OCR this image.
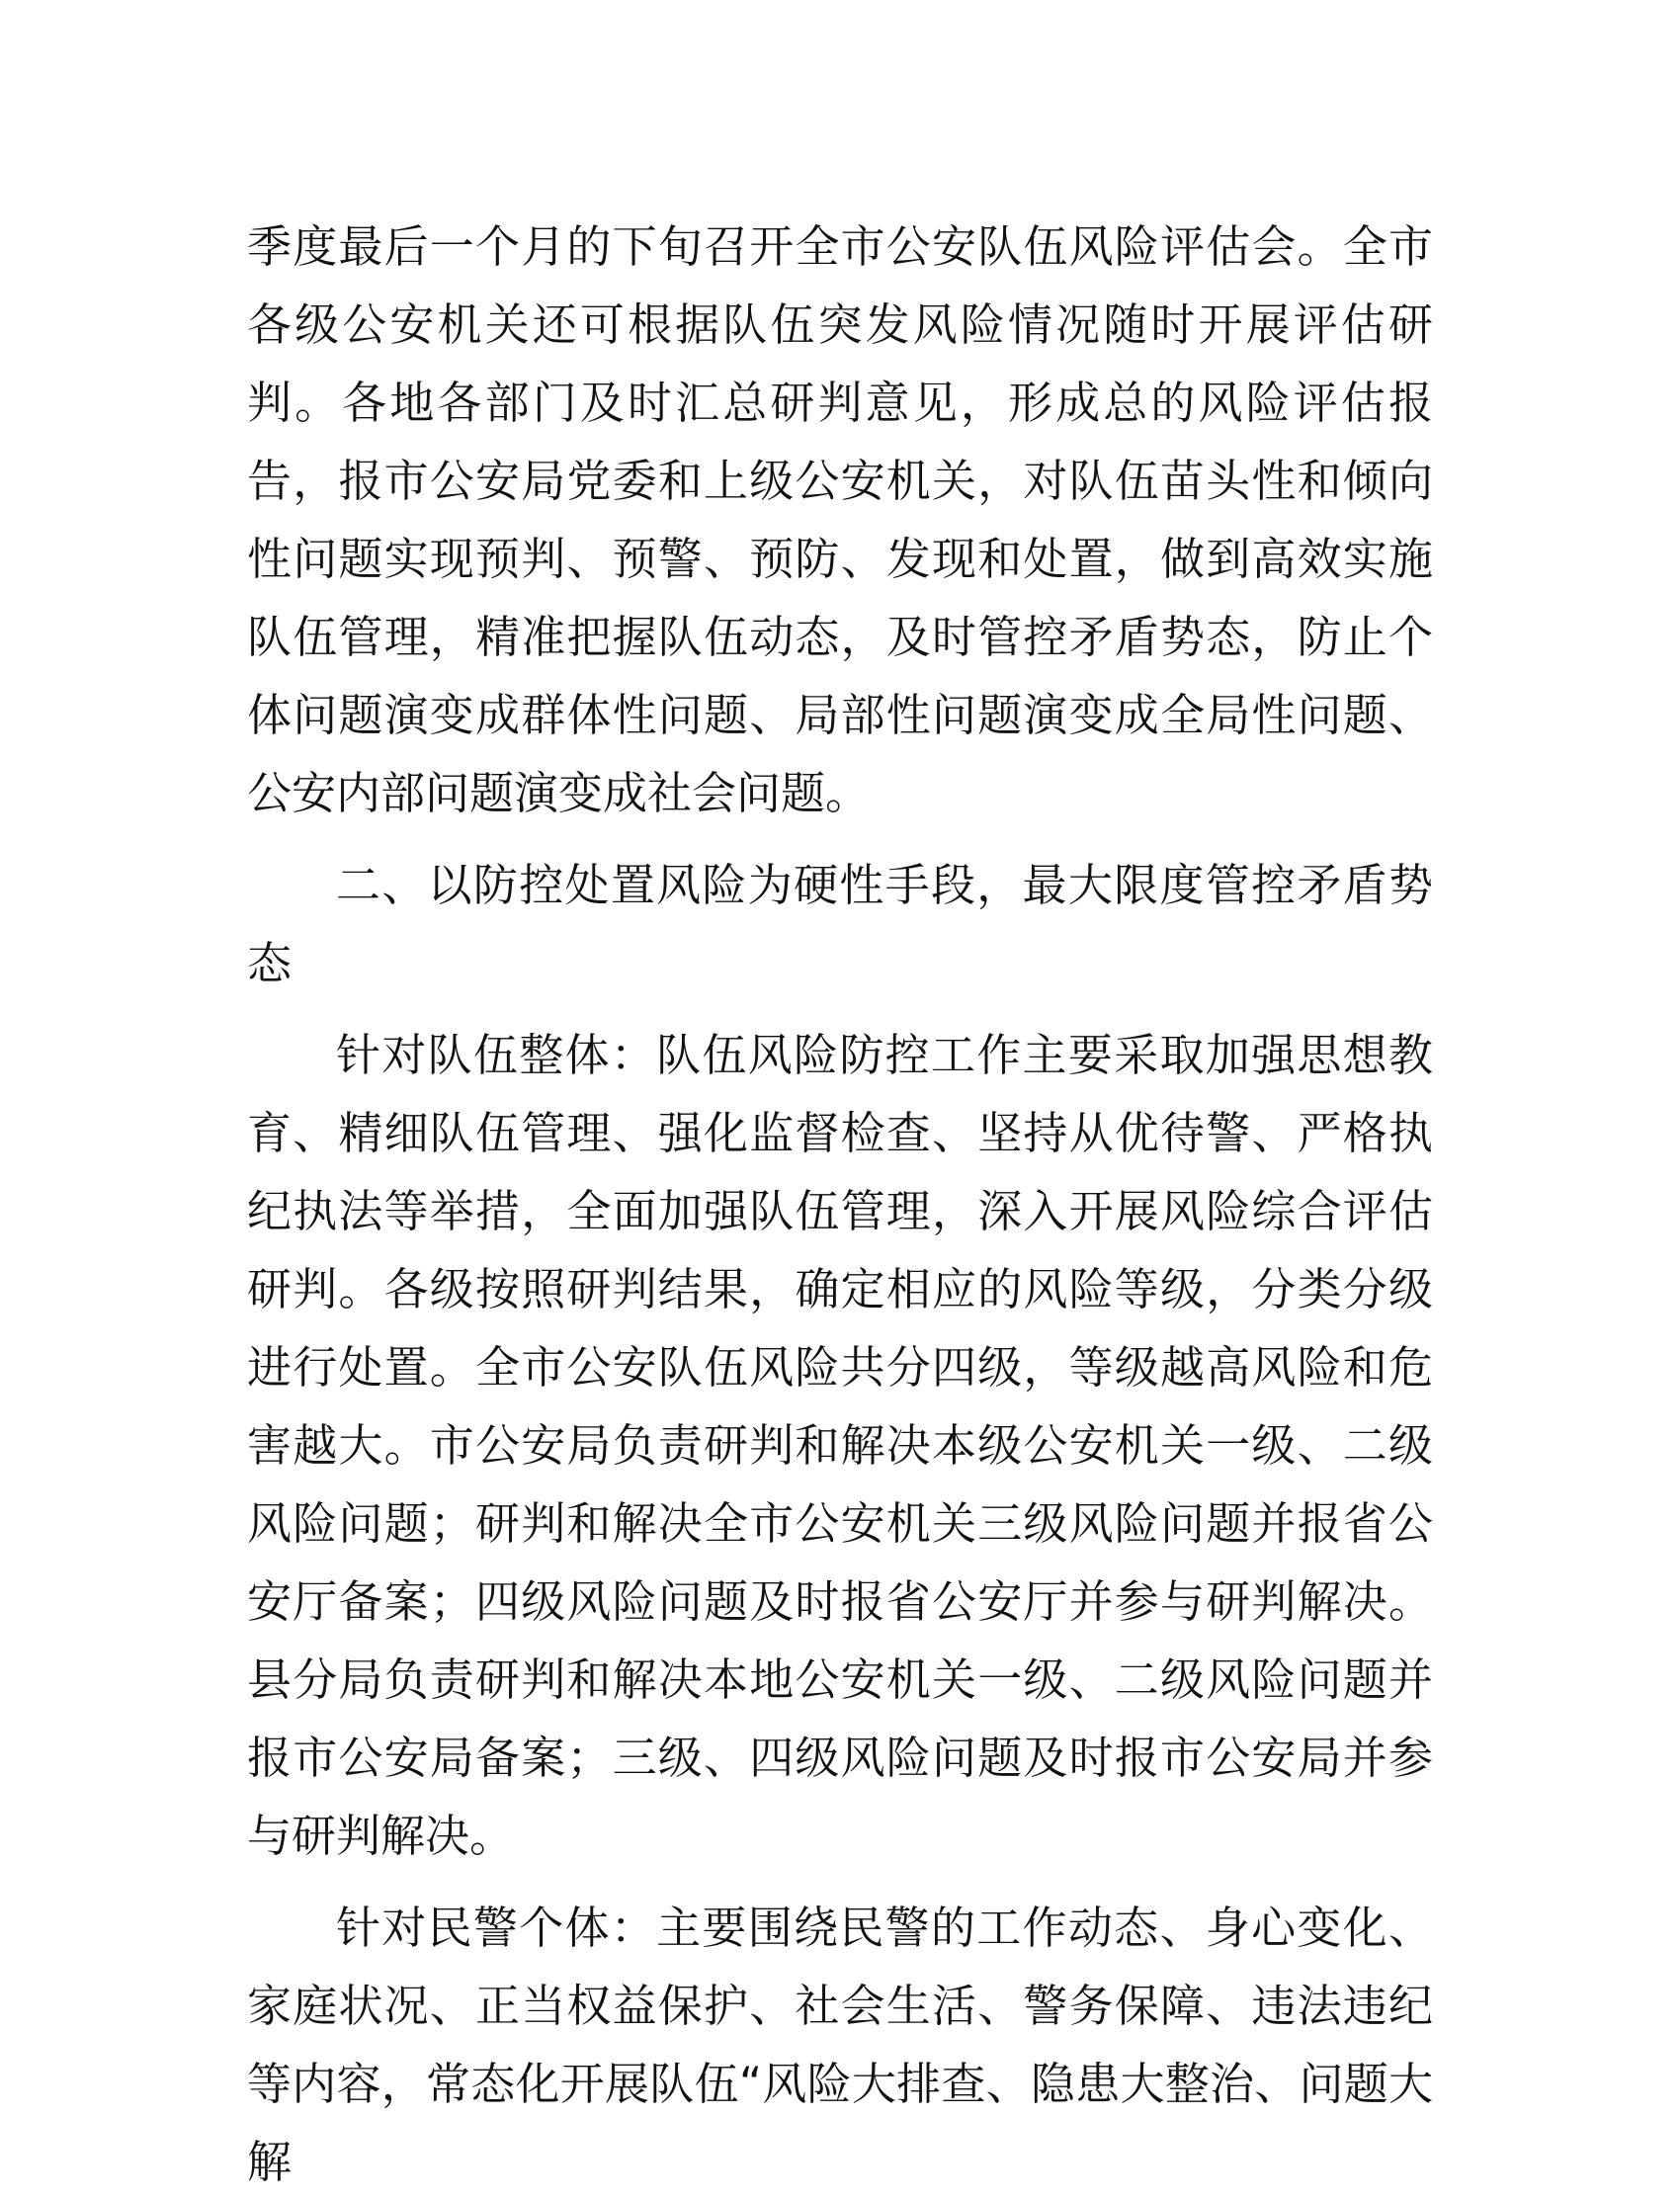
季度最后一个月的下旬召开全市公安队伍风险评估会。全市各级公安机关还可根据队伍突发风险情况随时开展评估研判。各地各部门及时汇总研判意见，形成总的风险评估报告，报市公安局党委和上级公安机关，对队伍苗头性和倾向性问题实现预判、预警、预防、发现和处置，做到高效实施队伍管理，精准把握队伍动态，及时管控矛盾势态，防止个体问题演变成群体性问题、局部性问题演变成全局性问题、公安内部问题演变成社会问题。

二、以防控处置风险为硬性手段，最大限度管控矛盾势态

针对队伍整体：队伍风险防控工作主要采取加强思想教育、精细队伍管理、强化监督检查、坚持从优待警、严格执纪执法等举措，全面加强队伍管理，深入开展风险综合评估研判。各级按照研判结果，确定相应的风险等级，分类分级进行处置。全市公安队伍风险共分四级，等级越高风险和危害越大。市公安局负责研判和解决本级公安机关一级、二级风险问题；研判和解决全市公安机关三级风险问题并报省公安厅备案；四级风险问题及时报省公安厅并参与研判解决。县分局负责研判和解决本地公安机关一级、二级风险问题并报市公安局备案；三级、四级风险问题及时报市公安局并参与研判解决。

针对民警个体：主要围绕民警的工作动态、身心变化、家庭状况、正当权益保护、社会生活、警务保障、违法违纪等内容，常态化开展队伍“风险大排查、隐患大整治、问题大解
